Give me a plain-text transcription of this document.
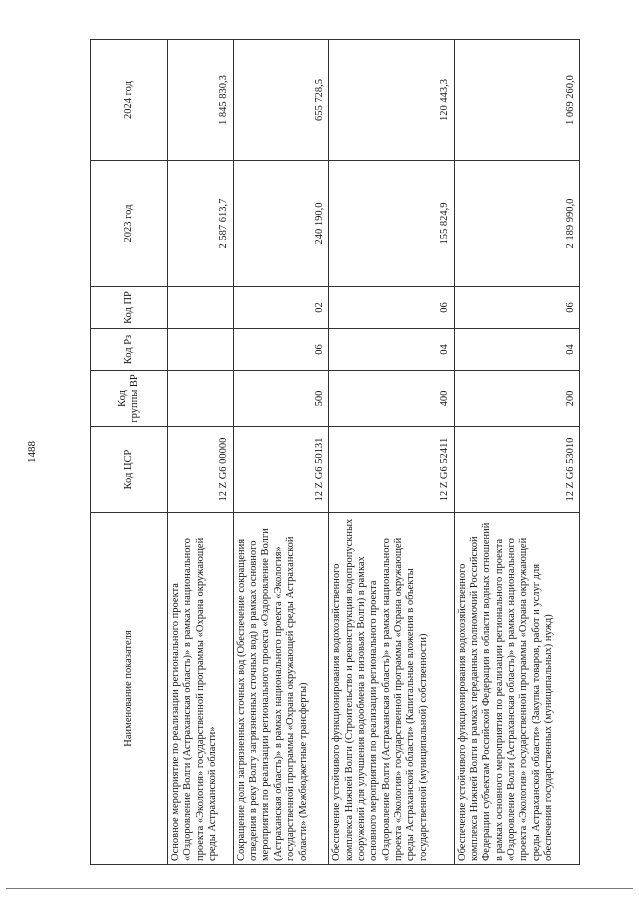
1488
Наименование показателя	Код ЦСР	Код группы ВР	Код Рз	Код ПР	2023 год	2024 год
Основное мероприятие по реализации регионального проекта «Оздоровление Волги (Астраханская область)» в рамках национального проекта «Экология» государственной программы «Охрана окружающей среды Астраханской области»	12 Z G6 00000				2 587 613,7	1 845 830,3
Сокращение доли загрязненных сточных вод (Обеспечение сокращения отведения в реку Волгу загрязненных сточных вод) в рамках основного мероприятия по реализации регионального проекта «Оздоровление Волги (Астраханская область)» в рамках национального проекта «Экология» государственной программы «Охрана окружающей среды Астраханской области» (Межбюджетные трансферты)	12 Z G6 50131	500	06	02	240 190,0	655 728,5
Обеспечение устойчивого функционирования водохозяйственного комплекса Нижней Волги (Строительство и реконструкция водопропускных сооружений для улучшения водообмена в низовьях Волги) в рамках основного мероприятия по реализации регионального проекта «Оздоровление Волги (Астраханская область)» в рамках национального проекта «Экология» государственной программы «Охрана окружающей среды Астраханской области» (Капитальные вложения в объекты государственной (муниципальной) собственности)	12 Z G6 52411	400	04	06	155 824,9	120 443,3
Обеспечение устойчивого функционирования водохозяйственного комплекса Нижней Волги в рамках переданных полномочий Российской Федерации субъектам Российской Федерации в области водных отношений в рамках основного мероприятия по реализации регионального проекта «Оздоровление Волги (Астраханская область)» в рамках национального проекта «Экология» государственной программы «Охрана окружающей среды Астраханской области» (Закупка товаров, работ и услуг для обеспечения государственных (муниципальных) нужд)	12 Z G6 53010	200	04	06	2 189 990,0	1 069 260,0
